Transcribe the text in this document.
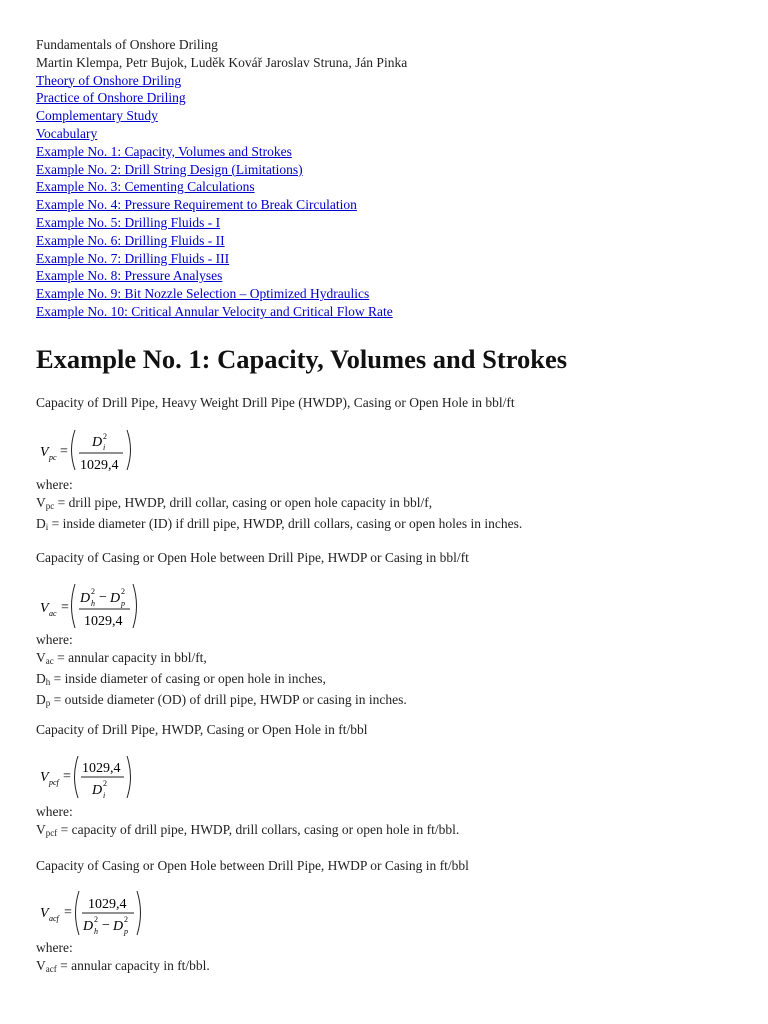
Fundamentals of Onshore Driling
Martin Klempa, Petr Bujok, Luděk Kovář Jaroslav Struna, Ján Pinka
Theory of Onshore Driling
Practice of Onshore Driling
Complementary Study
Vocabulary
Example No. 1: Capacity, Volumes and Strokes
Example No. 2: Drill String Design (Limitations)
Example No. 3: Cementing Calculations
Example No. 4: Pressure Requirement to Break Circulation
Example No. 5: Drilling Fluids - I
Example No. 6: Drilling Fluids - II
Example No. 7: Drilling Fluids - III
Example No. 8: Pressure Analyses
Example No. 9: Bit Nozzle Selection – Optimized Hydraulics
Example No. 10: Critical Annular Velocity and Critical Flow Rate
Example No. 1: Capacity, Volumes and Strokes
Capacity of Drill Pipe, Heavy Weight Drill Pipe (HWDP), Casing or Open Hole in bbl/ft
V pc =
D 2
i
1029,4
where:
$V_{pc}$ = drill pipe, HWDP, drill collar, casing or open hole capacity in bbl/f,
$D_i$ = inside diameter (ID) if drill pipe, HWDP, drill collars, casing or open holes in inches.
Capacity of Casing or Open Hole between Drill Pipe, HWDP or Casing in bbl/ft
V ac =
D 2
h − D 2
p
1029,4
where:
$V_{ac}$ = annular capacity in bbl/ft,
$D_h$ = inside diameter of casing or open hole in inches,
$D_p$ = outside diameter (OD) of drill pipe, HWDP or casing in inches.
Capacity of Drill Pipe, HWDP, Casing or Open Hole in ft/bbl
V pcf =
1029,4
D 2
i
where:
$V_{pcf}$ = capacity of drill pipe, HWDP, drill collars, casing or open hole in ft/bbl.
Capacity of Casing or Open Hole between Drill Pipe, HWDP or Casing in ft/bbl
V acf =
1029,4
D 2
h − D 2
p
where:
$V_{acf}$ = annular capacity in ft/bbl.
